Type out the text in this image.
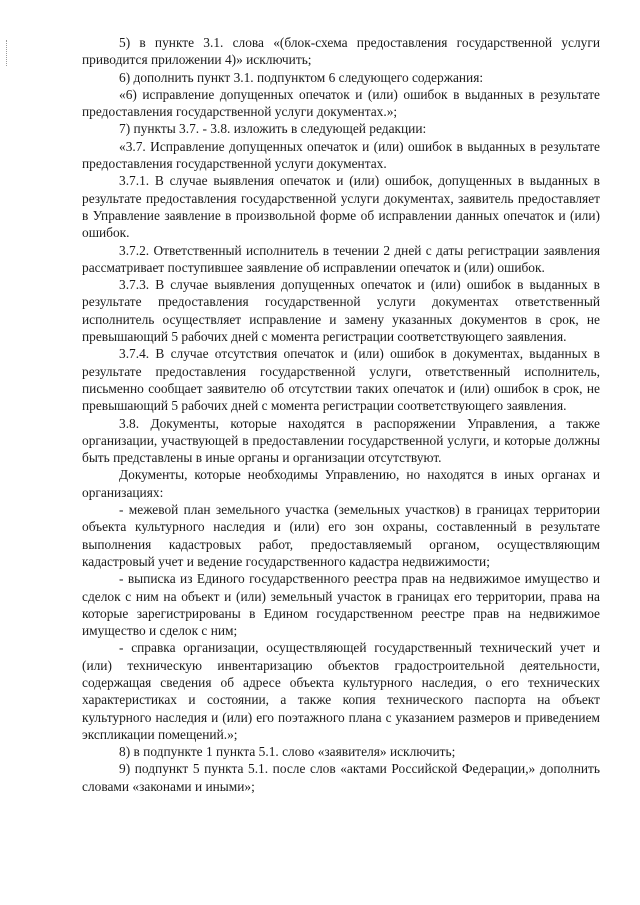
5) в пункте 3.1. слова «(блок-схема предоставления государственной услуги приводится приложении 4)» исключить;

6) дополнить пункт 3.1. подпунктом 6 следующего содержания:

«6) исправление допущенных опечаток и (или) ошибок в выданных в результате предоставления государственной услуги документах.»;

7) пункты 3.7. - 3.8. изложить в следующей редакции:

«3.7. Исправление допущенных опечаток и (или) ошибок в выданных в результате предоставления государственной услуги документах.

3.7.1. В случае выявления опечаток и (или) ошибок, допущенных в выданных в результате предоставления государственной услуги документах, заявитель предоставляет в Управление заявление в произвольной форме об исправлении данных опечаток и (или) ошибок.

3.7.2. Ответственный исполнитель в течении 2 дней с даты регистрации заявления рассматривает поступившее заявление об исправлении опечаток и (или) ошибок.

3.7.3. В случае выявления допущенных опечаток и (или) ошибок в выданных в результате предоставления государственной услуги документах ответственный исполнитель осуществляет исправление и замену указанных документов в срок, не превышающий 5 рабочих дней с момента регистрации соответствующего заявления.

3.7.4. В случае отсутствия опечаток и (или) ошибок в документах, выданных в результате предоставления государственной услуги, ответственный исполнитель, письменно сообщает заявителю об отсутствии таких опечаток и (или) ошибок в срок, не превышающий 5 рабочих дней с момента регистрации соответствующего заявления.

3.8. Документы, которые находятся в распоряжении Управления, а также организации, участвующей в предоставлении государственной услуги, и которые должны быть представлены в иные органы и организации отсутствуют.

Документы, которые необходимы Управлению, но находятся в иных органах и организациях:

- межевой план земельного участка (земельных участков) в границах территории объекта культурного наследия и (или) его зон охраны, составленный в результате выполнения кадастровых работ, предоставляемый органом, осуществляющим кадастровый учет и ведение государственного кадастра недвижимости;

- выписка из Единого государственного реестра прав на недвижимое имущество и сделок с ним на объект и (или) земельный участок в границах его территории, права на которые зарегистрированы в Едином государственном реестре прав на недвижимое имущество и сделок с ним;

- справка организации, осуществляющей государственный технический учет и (или) техническую инвентаризацию объектов градостроительной деятельности, содержащая сведения об адресе объекта культурного наследия, о его технических характеристиках и состоянии, а также копия технического паспорта на объект культурного наследия и (или) его поэтажного плана с указанием размеров и приведением экспликации помещений.»;

8) в подпункте 1 пункта 5.1. слово «заявителя» исключить;

9) подпункт 5 пункта 5.1. после слов «актами Российской Федерации,» дополнить словами «законами и иными»;
